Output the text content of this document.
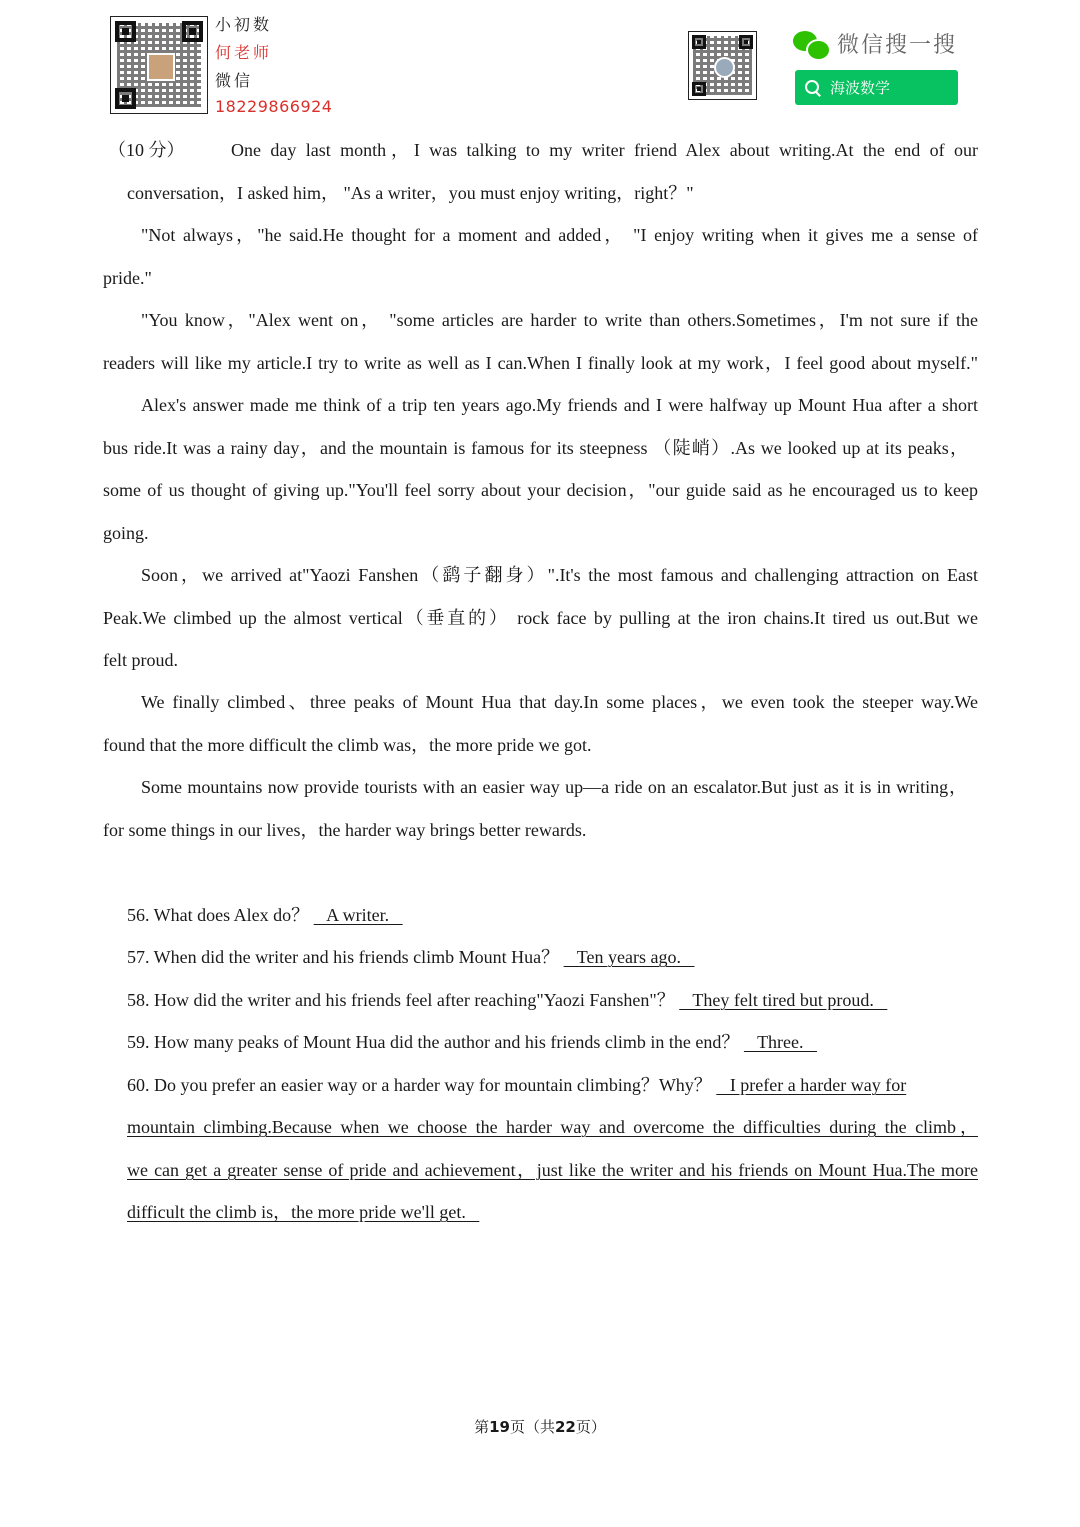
小初数
何老师
微信
18229866924
微信搜一搜
海波数学
（10 分）	One day last month，I was talking to my writer friend Alex about writing.At the end of our
conversation，I asked him， "As a writer，you must enjoy writing，right？"
"Not always，"he said.He thought for a moment and added， "I enjoy writing when it gives me a sense of
pride."
"You know，"Alex went on， "some articles are harder to write than others.Sometimes，I'm not sure if the
readers will like my article.I try to write as well as I can.When I finally look at my work，I feel good about myself."
Alex's answer made me think of a trip ten years ago.My friends and I were halfway up Mount Hua after a short
bus ride.It was a rainy day，and the mountain is famous for its steepness （陡峭）.As we looked up at its peaks，
some of us thought of giving up."You'll feel sorry about your decision，"our guide said as he encouraged us to keep
going.
Soon，we arrived at"Yaozi Fanshen（鹞子翻身）".It's the most famous and challenging attraction on East
Peak.We climbed up the almost vertical（垂直的） rock face by pulling at the iron chains.It tired us out.But we
felt proud.
We finally climbed、three peaks of Mount Hua that day.In some places，we even took the steeper way.We
found that the more difficult the climb was，the more pride we got.
Some mountains now provide tourists with an easier way up—a ride on an escalator.But just as it is in writing，
for some things in our lives，the harder way brings better rewards.
56. What does Alex do？    A writer.
57. When did the writer and his friends climb Mount Hua？    Ten years ago.
58. How did the writer and his friends feel after reaching"Yaozi Fanshen"？    They felt tired but proud.
59. How many peaks of Mount Hua did the author and his friends climb in the end？    Three.
60. Do you prefer an easier way or a harder way for mountain climbing？Why？    I prefer a harder way for
mountain climbing.Because when we choose the harder way and overcome the difficulties during the climb，
we can get a greater sense of pride and achievement，just like the writer and his friends on Mount Hua.The more
difficult the climb is，the more pride we'll get.
第19页（共22页）
